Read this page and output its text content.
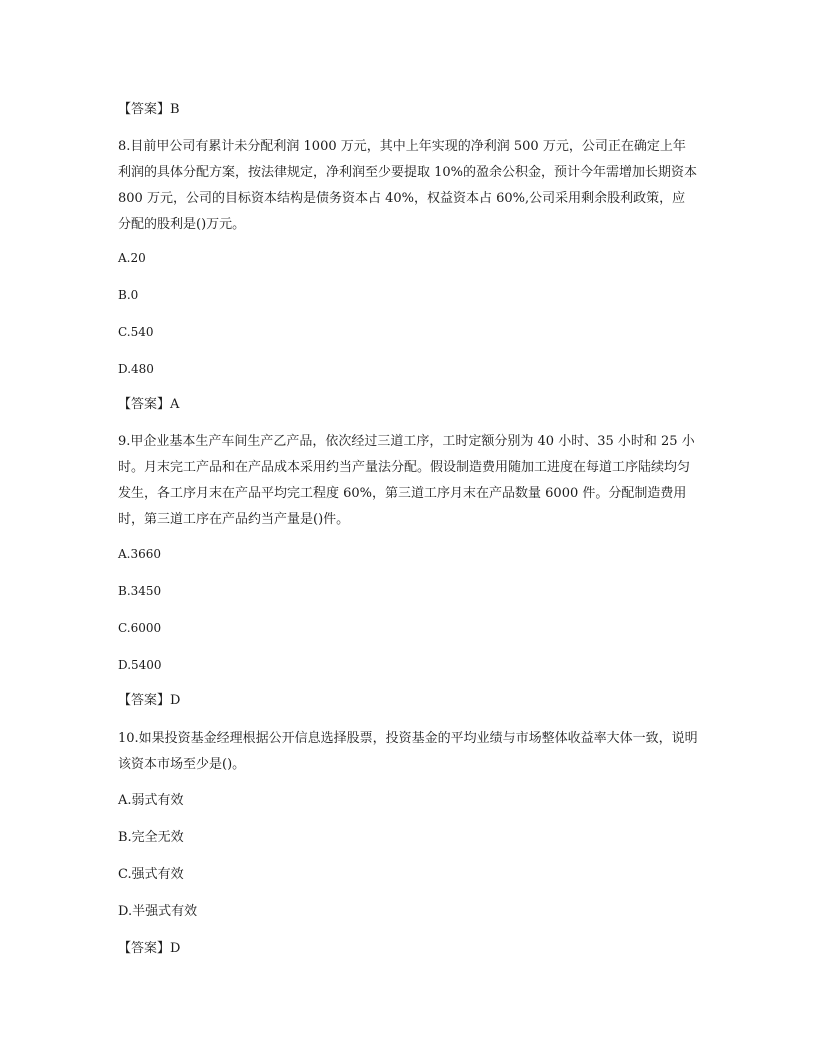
【答案】B
8.目前甲公司有累计未分配利润 1000 万元，其中上年实现的净利润 500 万元，公司正在确定上年利润的具体分配方案，按法律规定，净利润至少要提取 10%的盈余公积金，预计今年需增加长期资本 800 万元，公司的目标资本结构是债务资本占 40%，权益资本占 60%,公司采用剩余股利政策，应分配的股利是()万元。
A.20
B.0
C.540
D.480
【答案】A
9.甲企业基本生产车间生产乙产品，依次经过三道工序，工时定额分别为 40 小时、35 小时和 25 小时。月末完工产品和在产品成本采用约当产量法分配。假设制造费用随加工进度在每道工序陆续均匀发生，各工序月末在产品平均完工程度 60%，第三道工序月末在产品数量 6000 件。分配制造费用时，第三道工序在产品约当产量是()件。
A.3660
B.3450
C.6000
D.5400
【答案】D
10.如果投资基金经理根据公开信息选择股票，投资基金的平均业绩与市场整体收益率大体一致，说明该资本市场至少是()。
A.弱式有效
B.完全无效
C.强式有效
D.半强式有效
【答案】D
